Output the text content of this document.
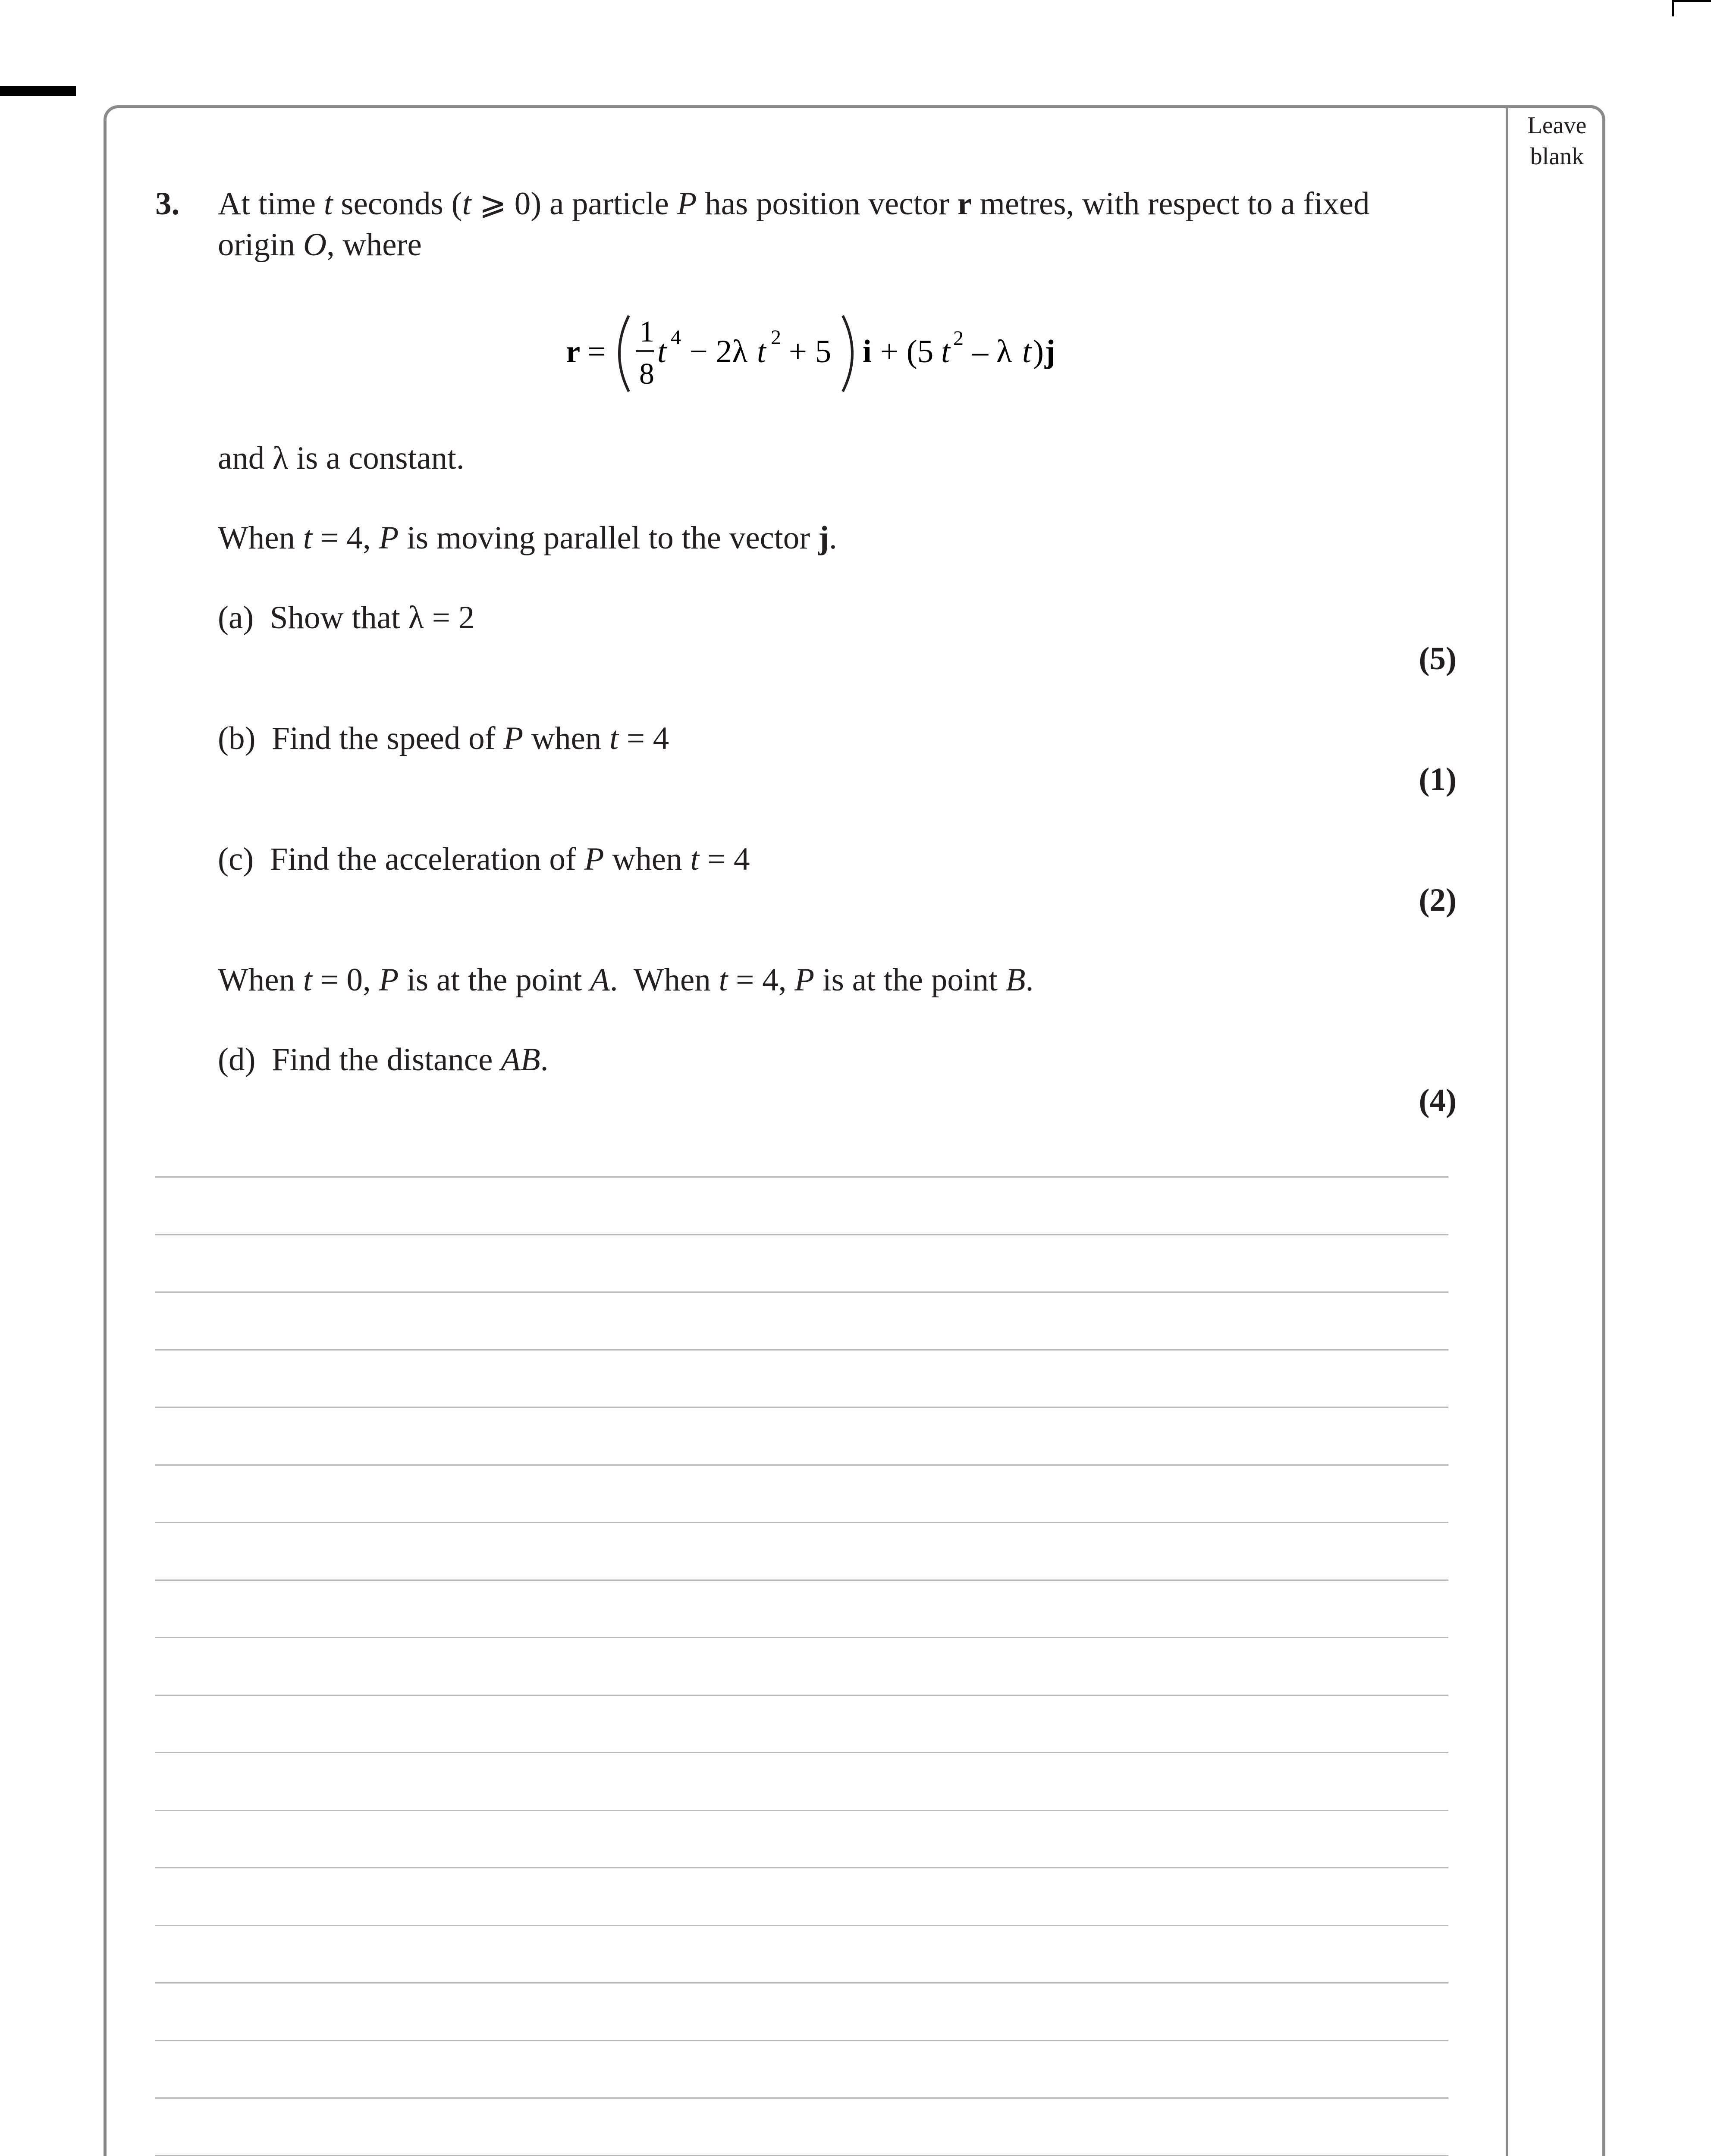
Leave
blank
3. At time t seconds (t ⩾ 0) a particle P has position vector r metres, with respect to a fixed
origin O, where
r =
1
8
t 4 − 2λ t 2 + 5 i + (5 t 2 – λ t ) j
and λ is a constant.
When t = 4, P is moving parallel to the vector j.
(a) Show that λ = 2
(5)
(b) Find the speed of P when t = 4
(1)
(c) Find the acceleration of P when t = 4
(2)
When t = 0, P is at the point A.  When t = 4, P is at the point B.
(d) Find the distance AB.
(4)
